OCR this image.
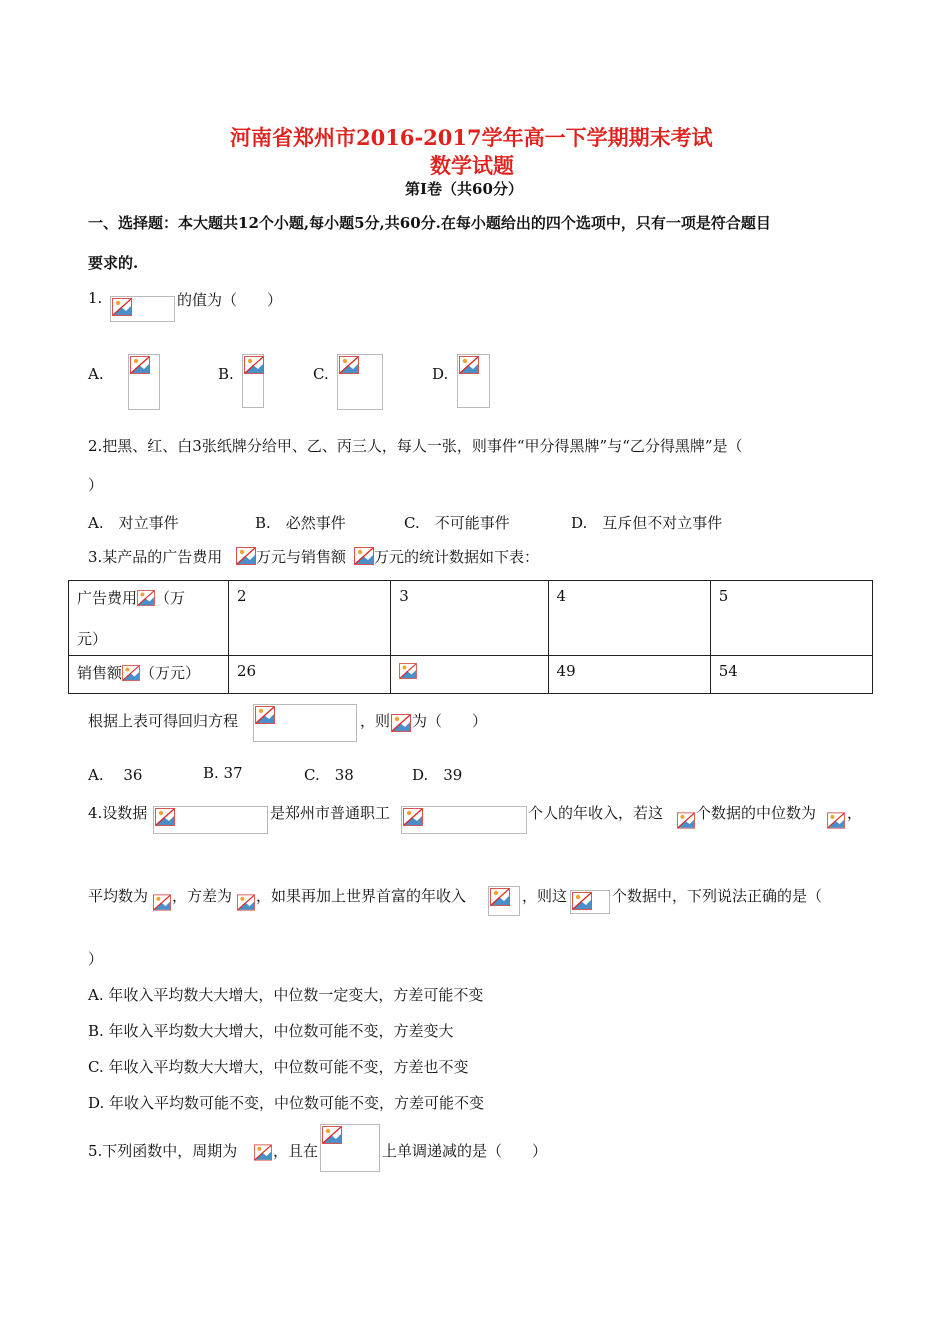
河南省郑州市2016-2017学年高一下学期期末考试
数学试题
第Ⅰ卷（共60分）
一、选择题：本大题共12个小题,每小题5分,共60分.在每小题给出的四个选项中，只有一项是符合题目
要求的.
1.	的值为（　　）
A.	B.	C.	D.
2.把黑、红、白3张纸牌分给甲、乙、丙三人，每人一张，则事件“甲分得黑牌”与“乙分得黑牌”是（
）
A.　对立事件	B.　必然事件	C.　不可能事件	D.　互斥但不对立事件
3.某产品的广告费用 万元与销售额 万元的统计数据如下表：
广告费用 （万

元）	2	3	4	5
销售额 （万元）	26		49	54
根据上表可得回归方程	，则 为（　　）
A.　 36	B. 37	C.　38	D.　39
4.设数据	是郑州市普通职工	个人的年收入，若这 个数据的中位数为 ，
平均数为 ，方差为 ，如果再加上世界首富的年收入	，则这	个数据中，下列说法正确的是（
）
A. 年收入平均数大大增大，中位数一定变大，方差可能不变
B. 年收入平均数大大增大，中位数可能不变，方差变大
C. 年收入平均数大大增大，中位数可能不变，方差也不变
D. 年收入平均数可能不变，中位数可能不变，方差可能不变
5.下列函数中，周期为 ，且在	上单调递减的是（　　）
